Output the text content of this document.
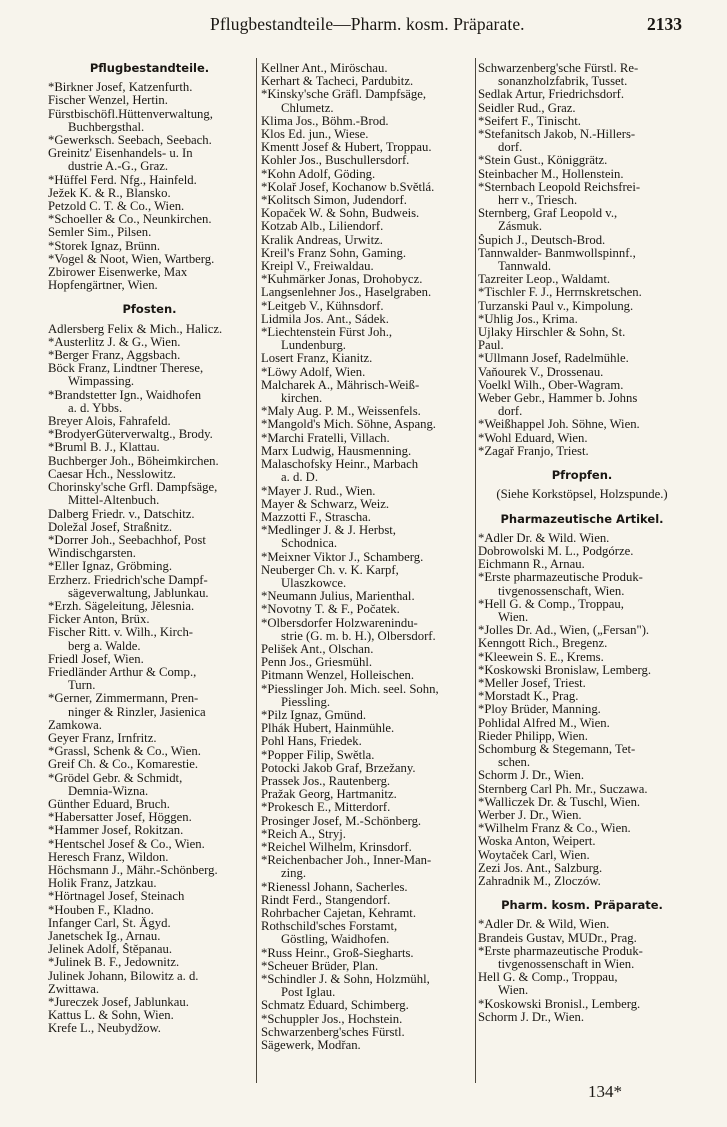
Pflugbestandteile—Pharm. kosm. Präparate.	2133
Pflugbestandteile.
*Birkner Josef, Katzenfurth.
Fischer Wenzel, Hertin.
Fürstbischöfl.Hüttenverwaltung,
Buchbergsthal.
*Gewerksch. Seebach, Seebach.
Greinitz' Eisenhandels- u. In
dustrie A.-G., Graz.
*Hüffel Ferd. Nfg., Hainfeld.
Ježek K. & R., Blansko.
Petzold C. T. & Co., Wien.
*Schoeller & Co., Neunkirchen.
Semler Sim., Pilsen.
*Storek Ignaz, Brünn.
*Vogel & Noot, Wien, Wartberg.
Zbirower Eisenwerke, Max
Hopfengärtner, Wien.
Pfosten.
Adlersberg Felix & Mich., Halicz.
*Austerlitz J. & G., Wien.
*Berger Franz, Aggsbach.
Böck Franz, Lindtner Therese,
Wimpassing.
*Brandstetter Ign., Waidhofen
a. d. Ybbs.
Breyer Alois, Fahrafeld.
*BrodyerGüterverwaltg., Brody.
*Bruml B. J., Klattau.
Buchberger Joh., Böheimkirchen.
Caesar Hch., Nesslowitz.
Chorinsky'sche Grfl. Dampfsäge,
Mittel-Altenbuch.
Dalberg Friedr. v., Datschitz.
Doležal Josef, Straßnitz.
*Dorrer Joh., Seebachhof, Post
Windischgarsten.
*Eller Ignaz, Gröbming.
Erzherz. Friedrich'sche Dampf-
sägeverwaltung, Jablunkau.
*Erzh. Sägeleitung, Jělesnia.
Ficker Anton, Brüx.
Fischer Ritt. v. Wilh., Kirch-
berg a. Walde.
Friedl Josef, Wien.
Friedländer Arthur & Comp.,
Turn.
*Gerner, Zimmermann, Pren-
ninger & Rinzler, Jasienica
Zamkowa.
Geyer Franz, Irnfritz.
*Grassl, Schenk & Co., Wien.
Greif Ch. & Co., Komarestie.
*Grödel Gebr. & Schmidt,
Demnia-Wizna.
Günther Eduard, Bruch.
*Habersatter Josef, Höggen.
*Hammer Josef, Rokitzan.
*Hentschel Josef & Co., Wien.
Heresch Franz, Wildon.
Höchsmann J., Mähr.-Schönberg.
Holik Franz, Jatzkau.
*Hörtnagel Josef, Steinach
*Houben F., Kladno.
Infanger Carl, St. Ägyd.
Janetschek Ig., Arnau.
Jelinek Adolf, Štěpanau.
*Julinek B. F., Jedownitz.
Julinek Johann, Bilowitz a. d.
Zwittawa.
*Jureczek Josef, Jablunkau.
Kattus L. & Sohn, Wien.
Krefe L., Neubydžow.
Kellner Ant., Miröschau.
Kerhart & Tacheci, Pardubitz.
*Kinsky'sche Gräfl. Dampfsäge,
Chlumetz.
Klima Jos., Böhm.-Brod.
Klos Ed. jun., Wiese.
Kmentt Josef & Hubert, Troppau.
Kohler Jos., Buschullersdorf.
*Kohn Adolf, Göding.
*Kolař Josef, Kochanow b.Světlá.
*Kolitsch Simon, Judendorf.
Kopaček W. & Sohn, Budweis.
Kotzab Alb., Liliendorf.
Kralik Andreas, Urwitz.
Kreil's Franz Sohn, Gaming.
Kreipl V., Freiwaldau.
*Kuhmärker Jonas, Drohobycz.
Langsenlehner Jos., Haselgraben.
*Leitgeb V., Kühnsdorf.
Lidmila Jos. Ant., Sádek.
*Liechtenstein Fürst Joh.,
Lundenburg.
Losert Franz, Kianitz.
*Löwy Adolf, Wien.
Malcharek A., Mährisch-Weiß-
kirchen.
*Maly Aug. P. M., Weissenfels.
*Mangold's Mich. Söhne, Aspang.
*Marchi Fratelli, Villach.
Marx Ludwig, Hausmenning.
Malaschofsky Heinr., Marbach
a. d. D.
*Mayer J. Rud., Wien.
Mayer & Schwarz, Weiz.
Mazzotti F., Strascha.
*Medlinger J. & J. Herbst,
Schodnica.
*Meixner Viktor J., Schamberg.
Neuberger Ch. v. K. Karpf,
Ulaszkowce.
*Neumann Julius, Marienthal.
*Novotny T. & F., Počatek.
*Olbersdorfer Holzwarenindu-
strie (G. m. b. H.), Olbersdorf.
Pelišek Ant., Olschan.
Penn Jos., Griesmühl.
Pitmann Wenzel, Holleischen.
*Piesslinger Joh. Mich. seel. Sohn,
Piessling.
*Pilz Ignaz, Gmünd.
Plhák Hubert, Hainmühle.
Pohl Hans, Friedek.
*Popper Filip, Swětla.
Potocki Jakob Graf, Brzežany.
Prassek Jos., Rautenberg.
Pražak Georg, Hartmanitz.
*Prokesch E., Mitterdorf.
Prosinger Josef, M.-Schönberg.
*Reich A., Stryj.
*Reichel Wilhelm, Krinsdorf.
*Reichenbacher Joh., Inner-Man-
zing.
*Rienessl Johann, Sacherles.
Rindt Ferd., Stangendorf.
Rohrbacher Cajetan, Kehramt.
Rothschild'sches Forstamt,
Göstling, Waidhofen.
*Russ Heinr., Groß-Siegharts.
*Scheuer Brüder, Plan.
*Schindler J. & Sohn, Holzmühl,
Post Iglau.
Schmatz Eduard, Schimberg.
*Schuppler Jos., Hochstein.
Schwarzenberg'sches Fürstl.
Sägewerk, Modřan.
Schwarzenberg'sche Fürstl. Re-
sonanzholzfabrik, Tusset.
Sedlak Artur, Friedrichsdorf.
Seidler Rud., Graz.
*Seifert F., Tinischt.
*Stefanitsch Jakob, N.-Hillers-
dorf.
*Stein Gust., Königgrätz.
Steinbacher M., Hollenstein.
*Sternbach Leopold Reichsfrei-
herr v., Triesch.
Sternberg, Graf Leopold v.,
Zásmuk.
Šupich J., Deutsch-Brod.
Tannwalder- Banmwollspinnf.,
Tannwald.
Tazreiter Leop., Waldamt.
*Tischler F. J., Herrnskretschen.
Turzanski Paul v., Kimpolung.
*Uhlig Jos., Krima.
Ujlaky Hirschler & Sohn, St.
Paul.
*Ullmann Josef, Radelmühle.
Vaňourek V., Drossenau.
Voelkl Wilh., Ober-Wagram.
Weber Gebr., Hammer b. Johns
dorf.
*Weißhappel Joh. Söhne, Wien.
*Wohl Eduard, Wien.
*Zagař Franjo, Triest.
Pfropfen.
(Siehe Korkstöpsel, Holzspunde.)
Pharmazeutische Artikel.
*Adler Dr. & Wild. Wien.
Dobrowolski M. L., Podgórze.
Eichmann R., Arnau.
*Erste pharmazeutische Produk-
tivgenossenschaft, Wien.
*Hell G. & Comp., Troppau,
Wien.
*Jolles Dr. Ad., Wien, („Fersan").
Kenngott Rich., Bregenz.
*Kleewein S. E., Krems.
*Koskowski Bronislaw, Lemberg.
*Meller Josef, Triest.
*Morstadt K., Prag.
*Ploy Brüder, Manning.
Pohlidal Alfred M., Wien.
Rieder Philipp, Wien.
Schomburg & Stegemann, Tet-
schen.
Schorm J. Dr., Wien.
Sternberg Carl Ph. Mr., Suczawa.
*Walliczek Dr. & Tuschl, Wien.
Werber J. Dr., Wien.
*Wilhelm Franz & Co., Wien.
Woska Anton, Weipert.
Woytaček Carl, Wien.
Zezi Jos. Ant., Salzburg.
Zahradnik M., Zloczów.
Pharm. kosm. Präparate.
*Adler Dr. & Wild, Wien.
Brandeis Gustav, MUDr., Prag.
*Erste pharmazeutische Produk-
tivgenossenschaft in Wien.
Hell G. & Comp., Troppau,
Wien.
*Koskowski Bronisl., Lemberg.
Schorm J. Dr., Wien.
134*
